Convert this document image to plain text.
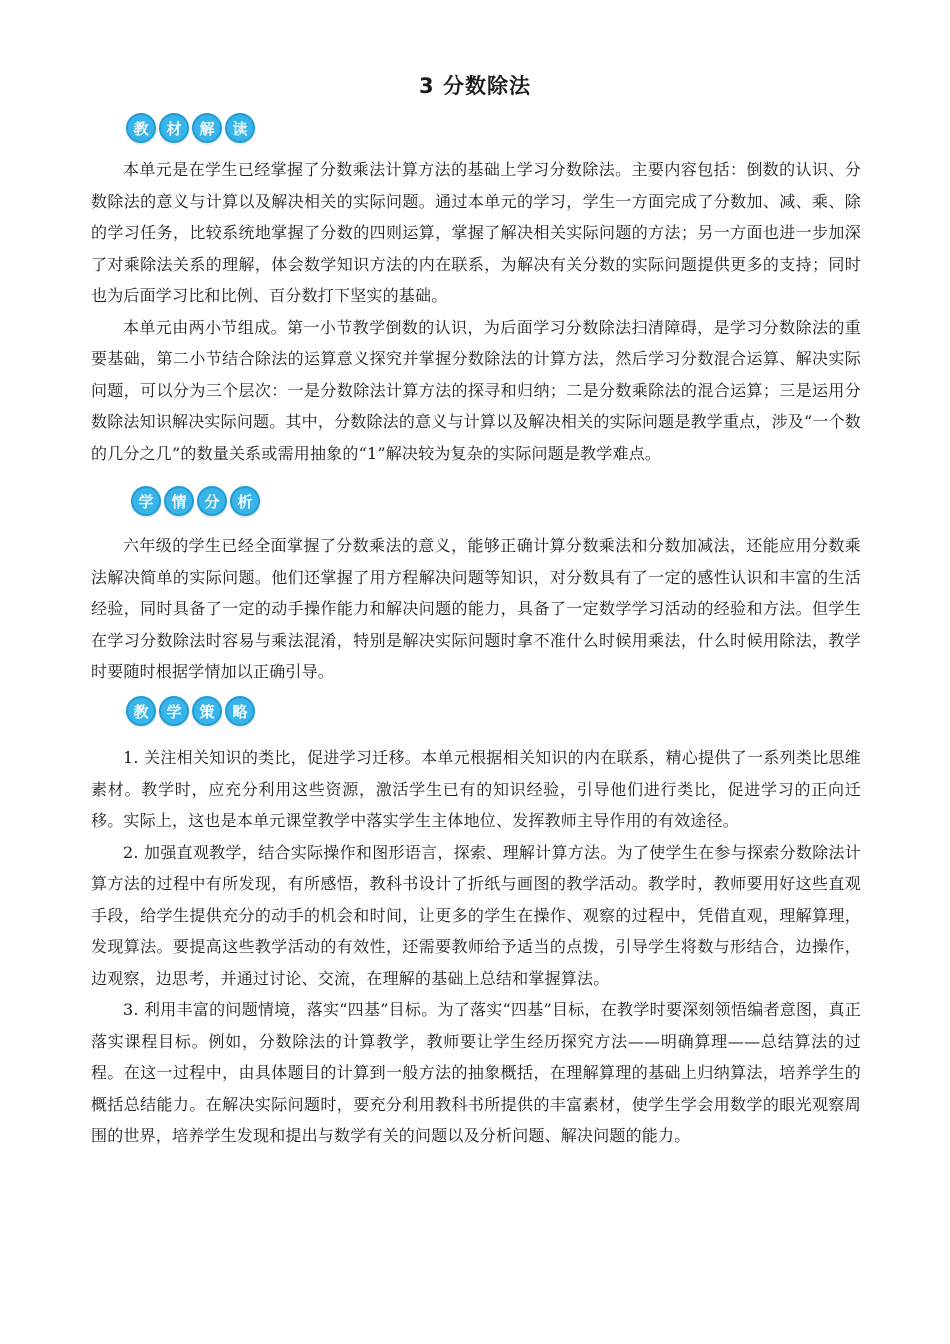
3 分数除法
教	材	解	读

本单元是在学生已经掌握了分数乘法计算方法的基础上学习分数除法。主要内容包括：倒数的认识、分数除法的意义与计算以及解决相关的实际问题。通过本单元的学习，学生一方面完成了分数加、减、乘、除的学习任务，比较系统地掌握了分数的四则运算，掌握了解决相关实际问题的方法；另一方面也进一步加深了对乘除法关系的理解，体会数学知识方法的内在联系，为解决有关分数的实际问题提供更多的支持；同时也为后面学习比和比例、百分数打下坚实的基础。

本单元由两小节组成。第一小节教学倒数的认识，为后面学习分数除法扫清障碍，是学习分数除法的重要基础，第二小节结合除法的运算意义探究并掌握分数除法的计算方法，然后学习分数混合运算、解决实际问题，可以分为三个层次：一是分数除法计算方法的探寻和归纳；二是分数乘除法的混合运算；三是运用分数除法知识解决实际问题。其中，分数除法的意义与计算以及解决相关的实际问题是教学重点，涉及“一个数的几分之几”的数量关系或需用抽象的“1”解决较为复杂的实际问题是教学难点。

学	情	分	析

六年级的学生已经全面掌握了分数乘法的意义，能够正确计算分数乘法和分数加减法，还能应用分数乘法解决简单的实际问题。他们还掌握了用方程解决问题等知识，对分数具有了一定的感性认识和丰富的生活经验，同时具备了一定的动手操作能力和解决问题的能力，具备了一定数学学习活动的经验和方法。但学生在学习分数除法时容易与乘法混淆，特别是解决实际问题时拿不准什么时候用乘法，什么时候用除法，教学时要随时根据学情加以正确引导。

教	学	策	略

1. 关注相关知识的类比，促进学习迁移。本单元根据相关知识的内在联系，精心提供了一系列类比思维素材。教学时，应充分利用这些资源，激活学生已有的知识经验，引导他们进行类比，促进学习的正向迁移。实际上，这也是本单元课堂教学中落实学生主体地位、发挥教师主导作用的有效途径。

2. 加强直观教学，结合实际操作和图形语言，探索、理解计算方法。为了使学生在参与探索分数除法计算方法的过程中有所发现，有所感悟，教科书设计了折纸与画图的教学活动。教学时，教师要用好这些直观手段，给学生提供充分的动手的机会和时间，让更多的学生在操作、观察的过程中，凭借直观，理解算理，发现算法。要提高这些教学活动的有效性，还需要教师给予适当的点拨，引导学生将数与形结合，边操作，边观察，边思考，并通过讨论、交流，在理解的基础上总结和掌握算法。

3. 利用丰富的问题情境，落实“四基”目标。为了落实“四基”目标，在教学时要深刻领悟编者意图，真正落实课程目标。例如，分数除法的计算教学，教师要让学生经历探究方法——明确算理——总结算法的过程。在这一过程中，由具体题目的计算到一般方法的抽象概括，在理解算理的基础上归纳算法，培养学生的概括总结能力。在解决实际问题时，要充分利用教科书所提供的丰富素材，使学生学会用数学的眼光观察周围的世界，培养学生发现和提出与数学有关的问题以及分析问题、解决问题的能力。
